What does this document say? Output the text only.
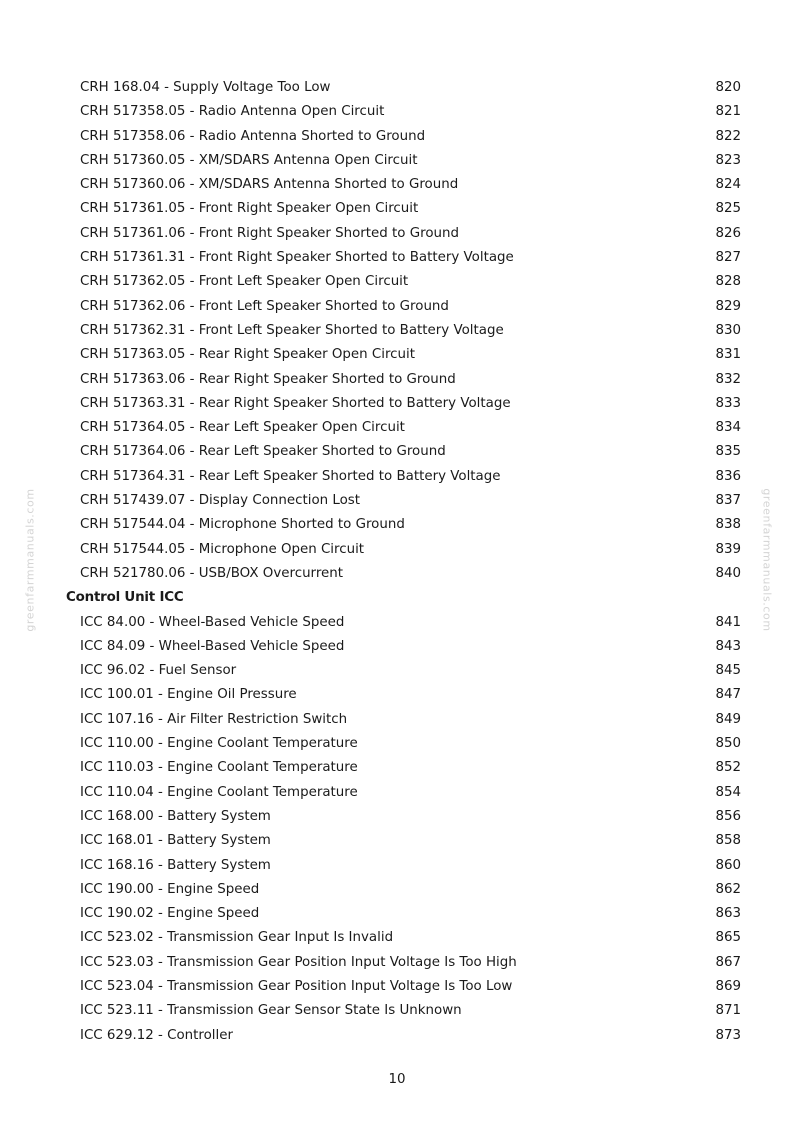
greenfarmmanuals.com	greenfarmmanuals.com
CRH 168.04 - Supply Voltage Too Low	820
CRH 517358.05 - Radio Antenna Open Circuit	821
CRH 517358.06 - Radio Antenna Shorted to Ground	822
CRH 517360.05 - XM/SDARS Antenna Open Circuit	823
CRH 517360.06 - XM/SDARS Antenna Shorted to Ground	824
CRH 517361.05 - Front Right Speaker Open Circuit	825
CRH 517361.06 - Front Right Speaker Shorted to Ground	826
CRH 517361.31 - Front Right Speaker Shorted to Battery Voltage	827
CRH 517362.05 - Front Left Speaker Open Circuit	828
CRH 517362.06 - Front Left Speaker Shorted to Ground	829
CRH 517362.31 - Front Left Speaker Shorted to Battery Voltage	830
CRH 517363.05 - Rear Right Speaker Open Circuit	831
CRH 517363.06 - Rear Right Speaker Shorted to Ground	832
CRH 517363.31 - Rear Right Speaker Shorted to Battery Voltage	833
CRH 517364.05 - Rear Left Speaker Open Circuit	834
CRH 517364.06 - Rear Left Speaker Shorted to Ground	835
CRH 517364.31 - Rear Left Speaker Shorted to Battery Voltage	836
CRH 517439.07 - Display Connection Lost	837
CRH 517544.04 - Microphone Shorted to Ground	838
CRH 517544.05 - Microphone Open Circuit	839
CRH 521780.06 - USB/BOX Overcurrent	840
Control Unit ICC
ICC 84.00 - Wheel-Based Vehicle Speed	841
ICC 84.09 - Wheel-Based Vehicle Speed	843
ICC 96.02 - Fuel Sensor	845
ICC 100.01 - Engine Oil Pressure	847
ICC 107.16 - Air Filter Restriction Switch	849
ICC 110.00 - Engine Coolant Temperature	850
ICC 110.03 - Engine Coolant Temperature	852
ICC 110.04 - Engine Coolant Temperature	854
ICC 168.00 - Battery System	856
ICC 168.01 - Battery System	858
ICC 168.16 - Battery System	860
ICC 190.00 - Engine Speed	862
ICC 190.02 - Engine Speed	863
ICC 523.02 - Transmission Gear Input Is Invalid	865
ICC 523.03 - Transmission Gear Position Input Voltage Is Too High	867
ICC 523.04 - Transmission Gear Position Input Voltage Is Too Low	869
ICC 523.11 - Transmission Gear Sensor State Is Unknown	871
ICC 629.12 - Controller	873
10
